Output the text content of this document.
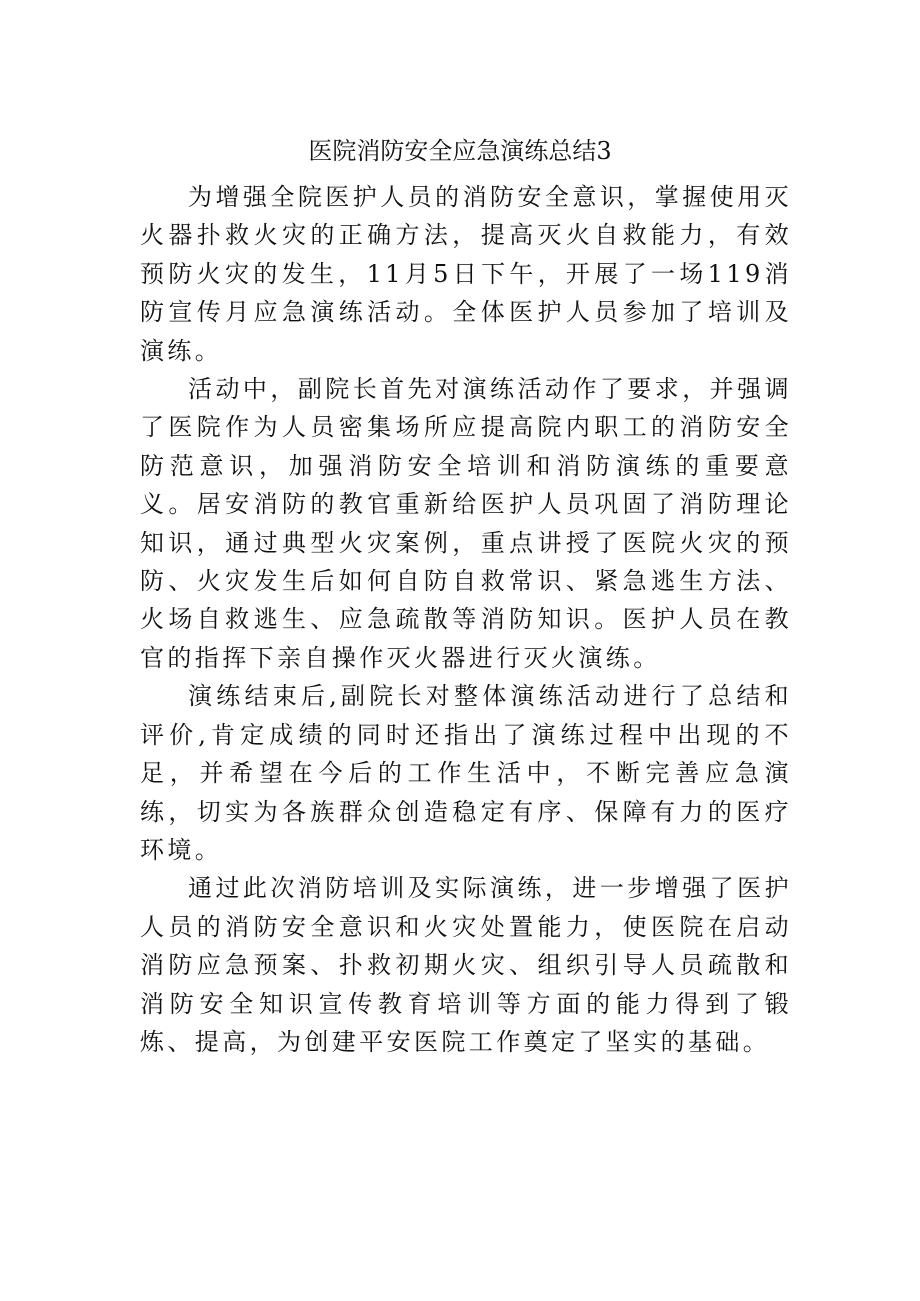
医院消防安全应急演练总结3

为增强全院医护人员的消防安全意识，掌握使用灭火器扑救火灾的正确方法，提高灭火自救能力，有效预防火灾的发生，11月5日下午，开展了一场119消防宣传月应急演练活动。全体医护人员参加了培训及演练。

活动中，副院长首先对演练活动作了要求，并强调了医院作为人员密集场所应提高院内职工的消防安全防范意识，加强消防安全培训和消防演练的重要意义。居安消防的教官重新给医护人员巩固了消防理论知识，通过典型火灾案例，重点讲授了医院火灾的预防、火灾发生后如何自防自救常识、紧急逃生方法、火场自救逃生、应急疏散等消防知识。医护人员在教官的指挥下亲自操作灭火器进行灭火演练。

演练结束后,副院长对整体演练活动进行了总结和评价,肯定成绩的同时还指出了演练过程中出现的不足，并希望在今后的工作生活中，不断完善应急演练，切实为各族群众创造稳定有序、保障有力的医疗环境。

通过此次消防培训及实际演练，进一步增强了医护人员的消防安全意识和火灾处置能力，使医院在启动消防应急预案、扑救初期火灾、组织引导人员疏散和消防安全知识宣传教育培训等方面的能力得到了锻炼、提高，为创建平安医院工作奠定了坚实的基础。
